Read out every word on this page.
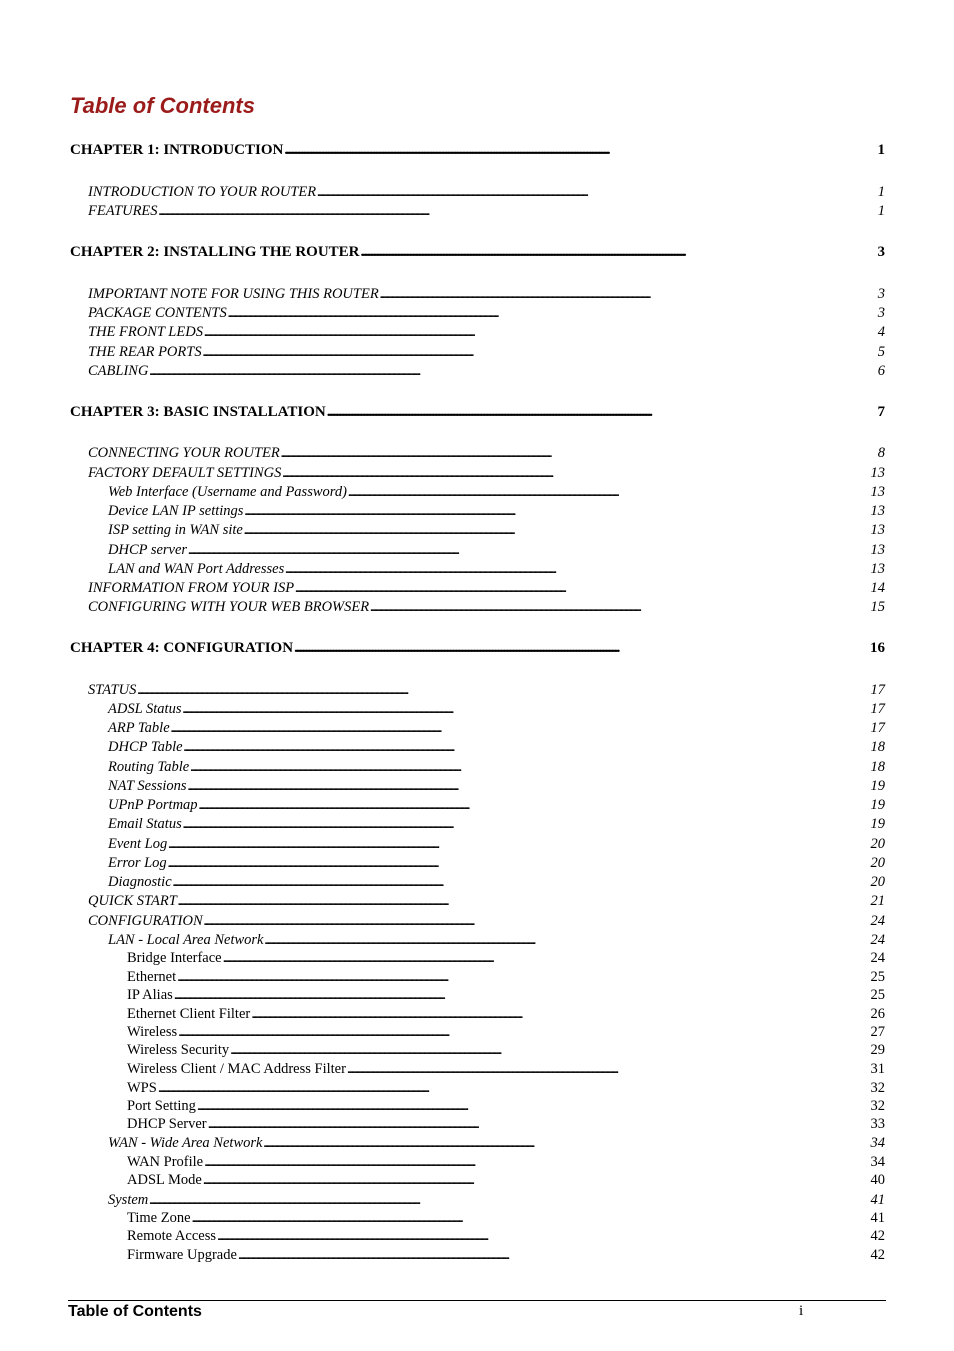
Table of Contents
CHAPTER 1: INTRODUCTION . . .	1
INTRODUCTION TO YOUR ROUTER . . .	1
FEATURES . . .	1
CHAPTER 2: INSTALLING THE ROUTER . . .	3
IMPORTANT NOTE FOR USING THIS ROUTER . . .	3
PACKAGE CONTENTS . . .	3
THE FRONT LEDS . . .	4
THE REAR PORTS . . .	5
CABLING . . .	6
CHAPTER 3: BASIC INSTALLATION . . .	7
CONNECTING YOUR ROUTER . . .	8
FACTORY DEFAULT SETTINGS . . .	13
Web Interface (Username and Password) . . .	13
Device LAN IP settings . . .	13
ISP setting in WAN site . . .	13
DHCP server . . .	13
LAN and WAN Port Addresses . . .	13
INFORMATION FROM YOUR ISP . . .	14
CONFIGURING WITH YOUR WEB BROWSER . . .	15
CHAPTER 4: CONFIGURATION . . .	16
STATUS . . .	17
ADSL Status . . .	17
ARP Table . . .	17
DHCP Table . . .	18
Routing Table . . .	18
NAT Sessions . . .	19
UPnP Portmap . . .	19
Email Status . . .	19
Event Log . . .	20
Error Log . . .	20
Diagnostic . . .	20
QUICK START . . .	21
CONFIGURATION . . .	24
LAN - Local Area Network . . .	24
Bridge Interface . . .	24
Ethernet . . .	25
IP Alias . . .	25
Ethernet Client Filter . . .	26
Wireless . . .	27
Wireless Security . . .	29
Wireless Client / MAC Address Filter . . .	31
WPS . . .	32
Port Setting . . .	32
DHCP Server . . .	33
WAN - Wide Area Network . . .	34
WAN Profile . . .	34
ADSL Mode . . .	40
System . . .	41
Time Zone . . .	41
Remote Access . . .	42
Firmware Upgrade . . .	42
Table of Contents	i
